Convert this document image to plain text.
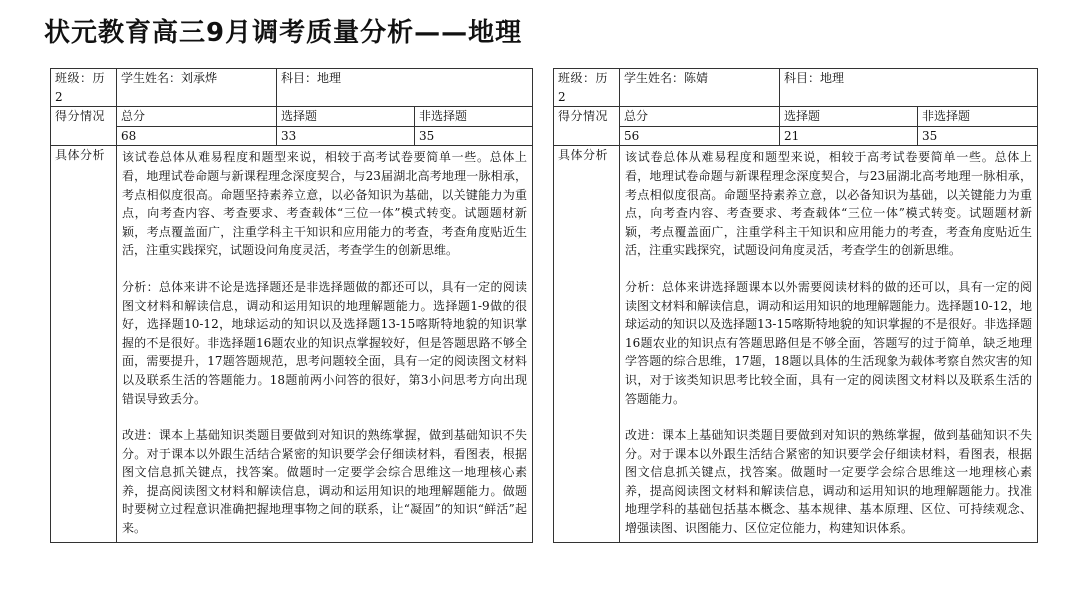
状元教育高三9月调考质量分析——地理
班级：历2	学生姓名：刘承烨	科目：地理	
得分情况	总分	选择题	非选择题
	68	33	35
具体分析	该试卷总体从难易程度和题型来说，相较于高考试卷要简单一些。总体上看，地理试卷命题与新课程理念深度契合，与23届湖北高考地理一脉相承，考点相似度很高。命题坚持素养立意，以必备知识为基础，以关键能力为重点，向考查内容、考查要求、考查载体“三位一体”模式转变。试题题材新颖，考点覆盖面广，注重学科主干知识和应用能力的考查，考查角度贴近生活，注重实践探究，试题设问角度灵活，考查学生的创新思维。

分析：总体来讲不论是选择题还是非选择题做的都还可以，具有一定的阅读图文材料和解读信息，调动和运用知识的地理解题能力。选择题1-9做的很好，选择题10-12，地球运动的知识以及选择题13-15喀斯特地貌的知识掌握的不是很好。非选择题16题农业的知识点掌握较好，但是答题思路不够全面，需要提升，17题答题规范，思考问题较全面，具有一定的阅读图文材料以及联系生活的答题能力。18题前两小问答的很好，第3小问思考方向出现错误导致丢分。

改进：课本上基础知识类题目要做到对知识的熟练掌握，做到基础知识不失分。对于课本以外跟生活结合紧密的知识要学会仔细读材料，看图表，根据图文信息抓关键点，找答案。做题时一定要学会综合思维这一地理核心素养，提高阅读图文材料和解读信息，调动和运用知识的地理解题能力。做题时要树立过程意识准确把握地理事物之间的联系，让“凝固”的知识“鲜活”起来。		

班级：历2	学生姓名：陈婧	科目：地理	
得分情况	总分	选择题	非选择题
	56	21	35
具体分析	该试卷总体从难易程度和题型来说，相较于高考试卷要简单一些。总体上看，地理试卷命题与新课程理念深度契合，与23届湖北高考地理一脉相承，考点相似度很高。命题坚持素养立意，以必备知识为基础，以关键能力为重点，向考查内容、考查要求、考查载体“三位一体”模式转变。试题题材新颖，考点覆盖面广，注重学科主干知识和应用能力的考查，考查角度贴近生活，注重实践探究，试题设问角度灵活，考查学生的创新思维。

分析：总体来讲选择题课本以外需要阅读材料的做的还可以，具有一定的阅读图文材料和解读信息，调动和运用知识的地理解题能力。选择题10-12，地球运动的知识以及选择题13-15喀斯特地貌的知识掌握的不是很好。非选择题16题农业的知识点有答题思路但是不够全面，答题写的过于简单，缺乏地理学答题的综合思维，17题，18题以具体的生活现象为载体考察自然灾害的知识，对于该类知识思考比较全面，具有一定的阅读图文材料以及联系生活的答题能力。

改进：课本上基础知识类题目要做到对知识的熟练掌握，做到基础知识不失分。对于课本以外跟生活结合紧密的知识要学会仔细读材料，看图表，根据图文信息抓关键点，找答案。做题时一定要学会综合思维这一地理核心素养，提高阅读图文材料和解读信息，调动和运用知识的地理解题能力。找准地理学科的基础包括基本概念、基本规律、基本原理、区位、可持续观念、增强读图、识图能力、区位定位能力，构建知识体系。		
